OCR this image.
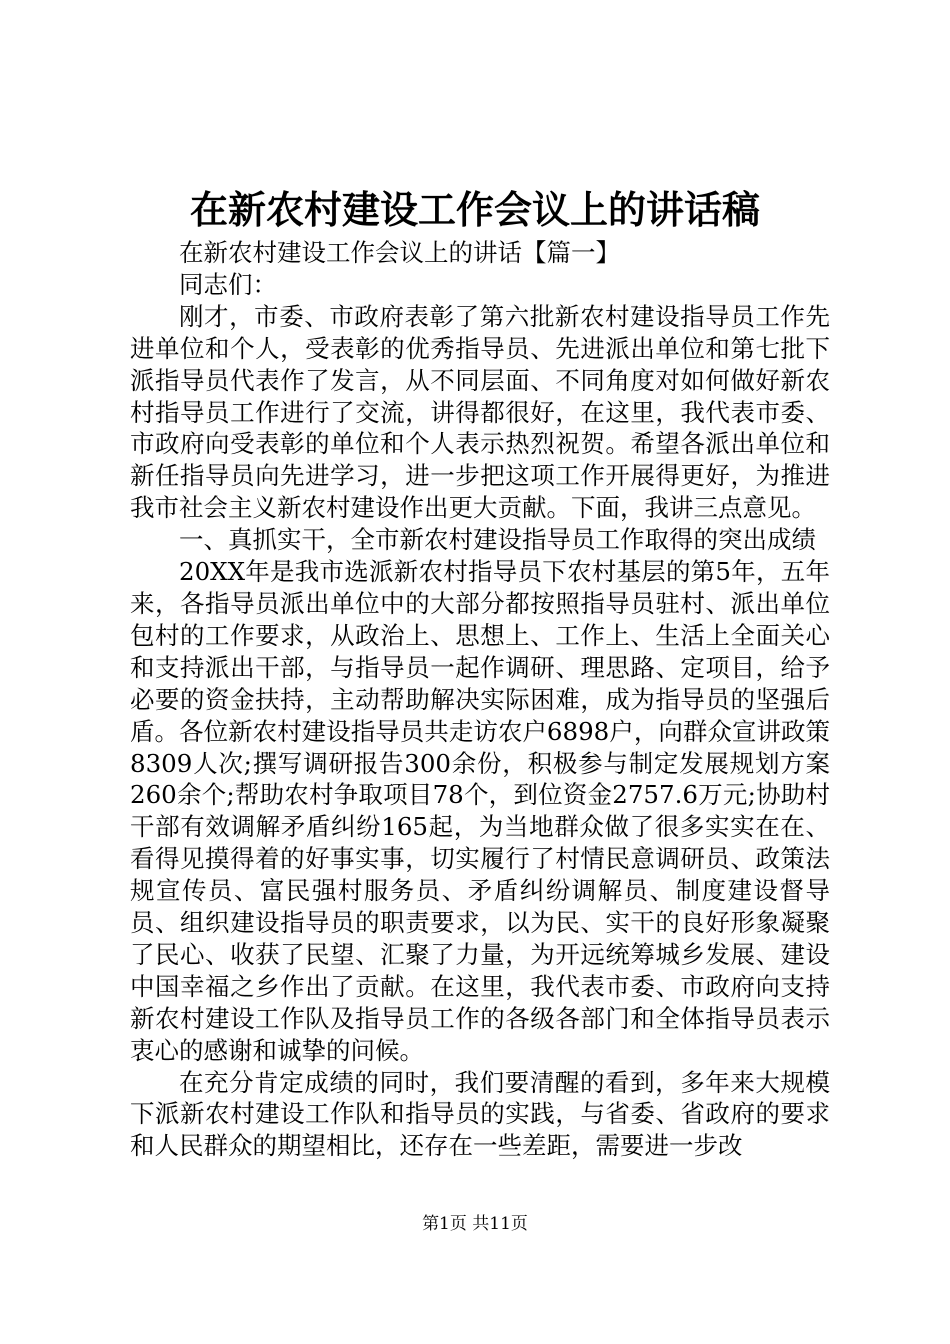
在新农村建设工作会议上的讲话稿

在新农村建设工作会议上的讲话【篇一】

同志们：

刚才，市委、市政府表彰了第六批新农村建设指导员工作先进单位和个人，受表彰的优秀指导员、先进派出单位和第七批下派指导员代表作了发言，从不同层面、不同角度对如何做好新农村指导员工作进行了交流，讲得都很好，在这里，我代表市委、市政府向受表彰的单位和个人表示热烈祝贺。希望各派出单位和新任指导员向先进学习，进一步把这项工作开展得更好，为推进我市社会主义新农村建设作出更大贡献。下面，我讲三点意见。

一、真抓实干，全市新农村建设指导员工作取得的突出成绩

20XX年是我市选派新农村指导员下农村基层的第5年，五年来，各指导员派出单位中的大部分都按照指导员驻村、派出单位包村的工作要求，从政治上、思想上、工作上、生活上全面关心和支持派出干部，与指导员一起作调研、理思路、定项目，给予必要的资金扶持，主动帮助解决实际困难，成为指导员的坚强后盾。各位新农村建设指导员共走访农户6898户，向群众宣讲政策8309人次;撰写调研报告300余份，积极参与制定发展规划方案260余个;帮助农村争取项目78个，到位资金2757.6万元;协助村干部有效调解矛盾纠纷165起，为当地群众做了很多实实在在、看得见摸得着的好事实事，切实履行了村情民意调研员、政策法规宣传员、富民强村服务员、矛盾纠纷调解员、制度建设督导员、组织建设指导员的职责要求，以为民、实干的良好形象凝聚了民心、收获了民望、汇聚了力量，为开远统筹城乡发展、建设中国幸福之乡作出了贡献。在这里，我代表市委、市政府向支持新农村建设工作队及指导员工作的各级各部门和全体指导员表示衷心的感谢和诚挚的问候。

在充分肯定成绩的同时，我们要清醒的看到，多年来大规模下派新农村建设工作队和指导员的实践，与省委、省政府的要求和人民群众的期望相比，还存在一些差距，需要进一步改

第1页 共11页
